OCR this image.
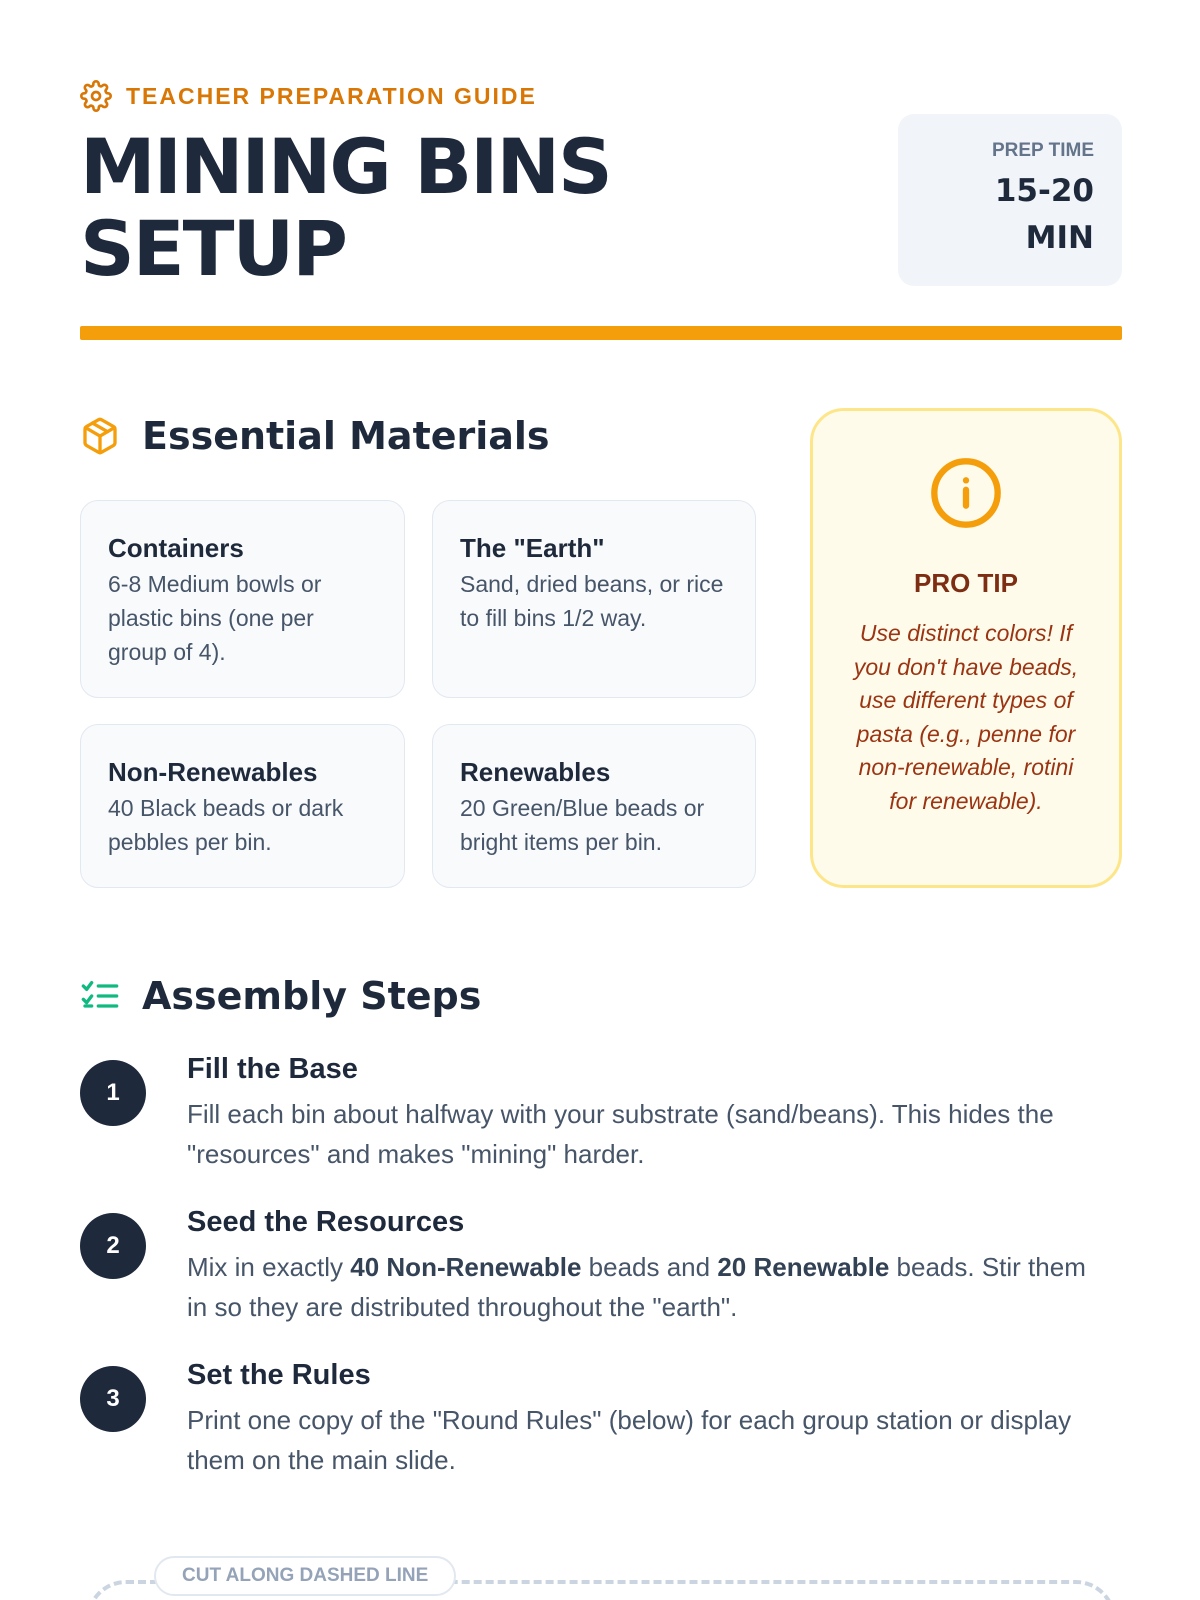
TEACHER PREPARATION GUIDE
MINING BINS
SETUP
PREP TIME
15-20
MIN
Essential Materials
Containers
6-8 Medium bowls or plastic bins (one per group of 4).
The "Earth"
Sand, dried beans, or rice to fill bins 1/2 way.
Non-Renewables
40 Black beads or dark pebbles per bin.
Renewables
20 Green/Blue beads or bright items per bin.
PRO TIP
Use distinct colors! If you don't have beads, use different types of pasta (e.g., penne for non-renewable, rotini for renewable).
Assembly Steps
1
Fill the Base
Fill each bin about halfway with your substrate (sand/beans). This hides the "resources" and makes "mining" harder.
2
Seed the Resources
Mix in exactly 40 Non-Renewable beads and 20 Renewable beads. Stir them in so they are distributed throughout the "earth".
3
Set the Rules
Print one copy of the "Round Rules" (below) for each group station or display them on the main slide.
CUT ALONG DASHED LINE
